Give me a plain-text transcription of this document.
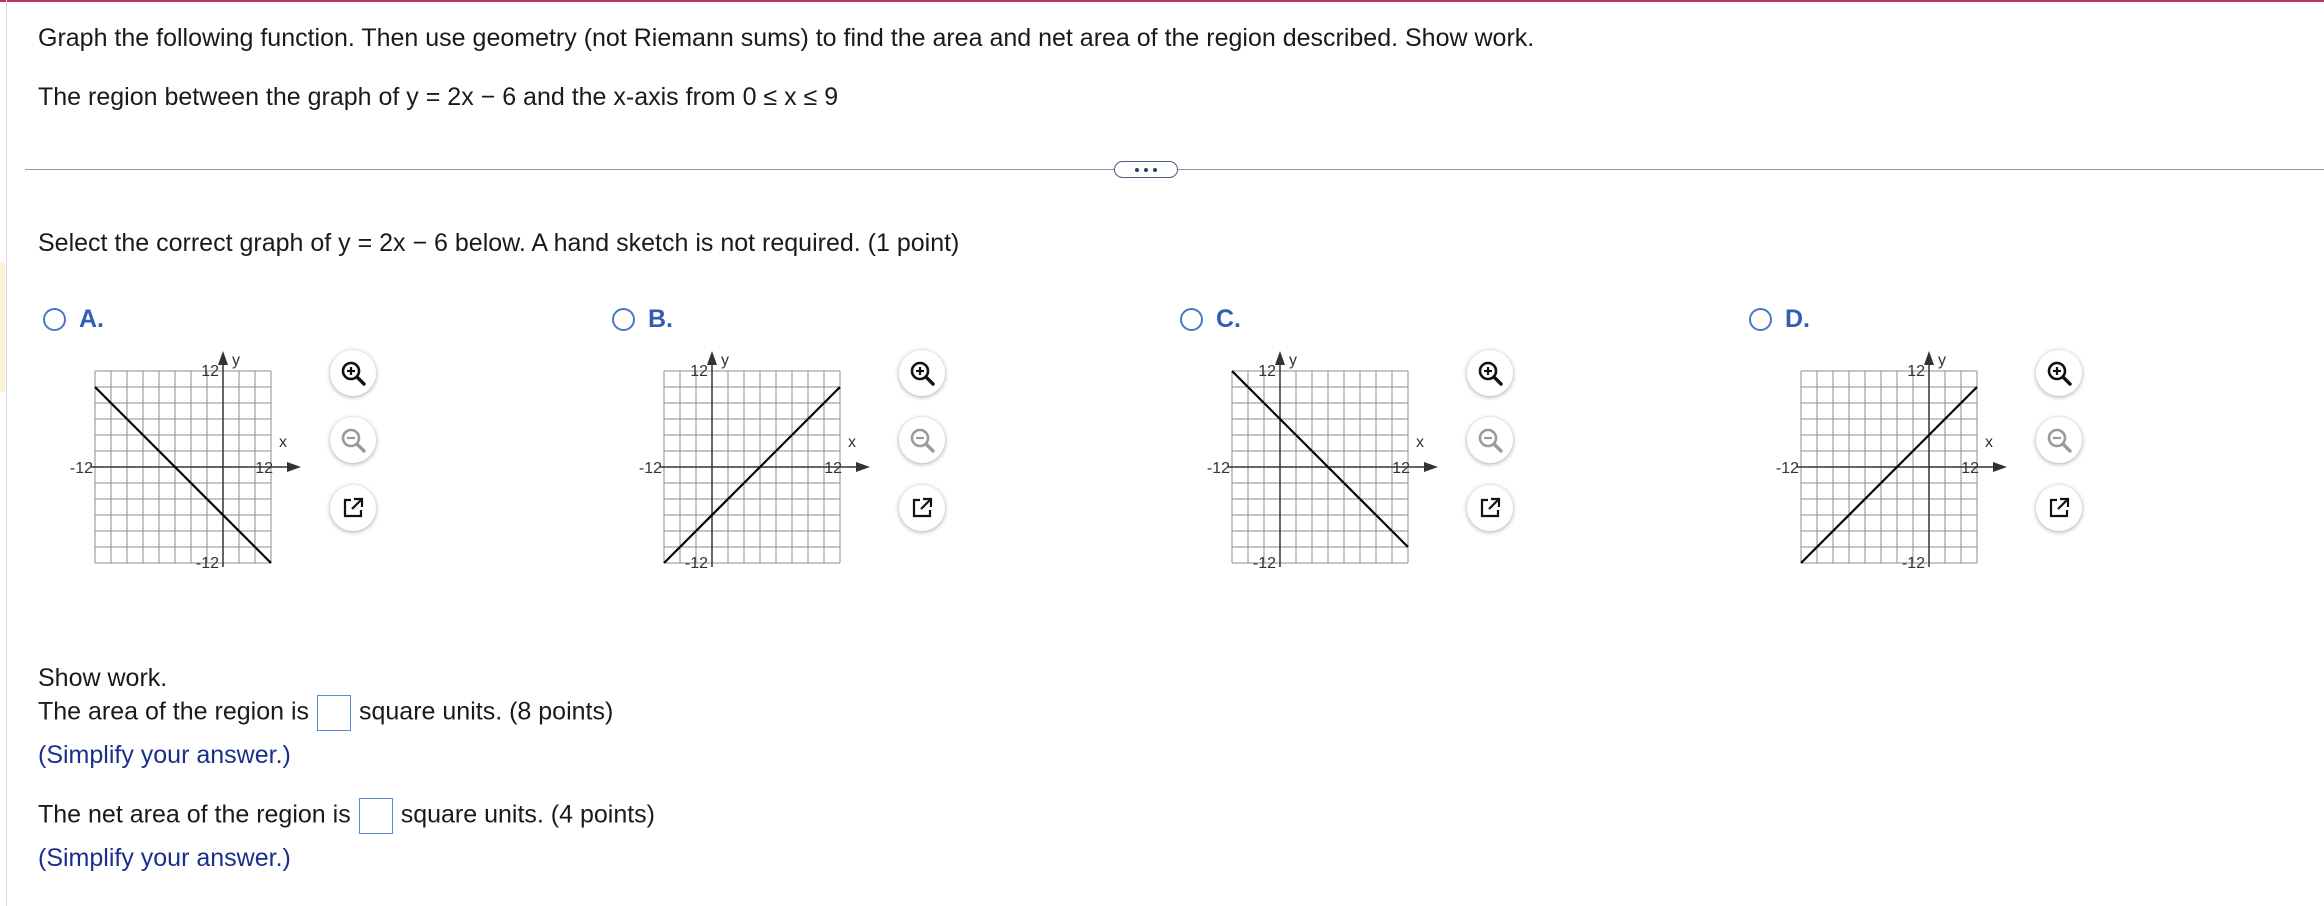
Graph the following function. Then use geometry (not Riemann sums) to find the area and net area of the region described. Show work.
The region between the graph of y = 2x − 6 and the x-axis from 0 ≤ x ≤ 9
Select the correct graph of y = 2x − 6 below. A hand sketch is not required. (1 point)
A.
y
x
12
-12
-12	12
B.
y
x
12
-12
-12	12
C.
y
x
12
-12
-12	12
D.
y
x
12
-12
-12	12
Show work.
The area of the region is square units. (8 points)
(Simplify your answer.)
The net area of the region is square units. (4 points)
(Simplify your answer.)
